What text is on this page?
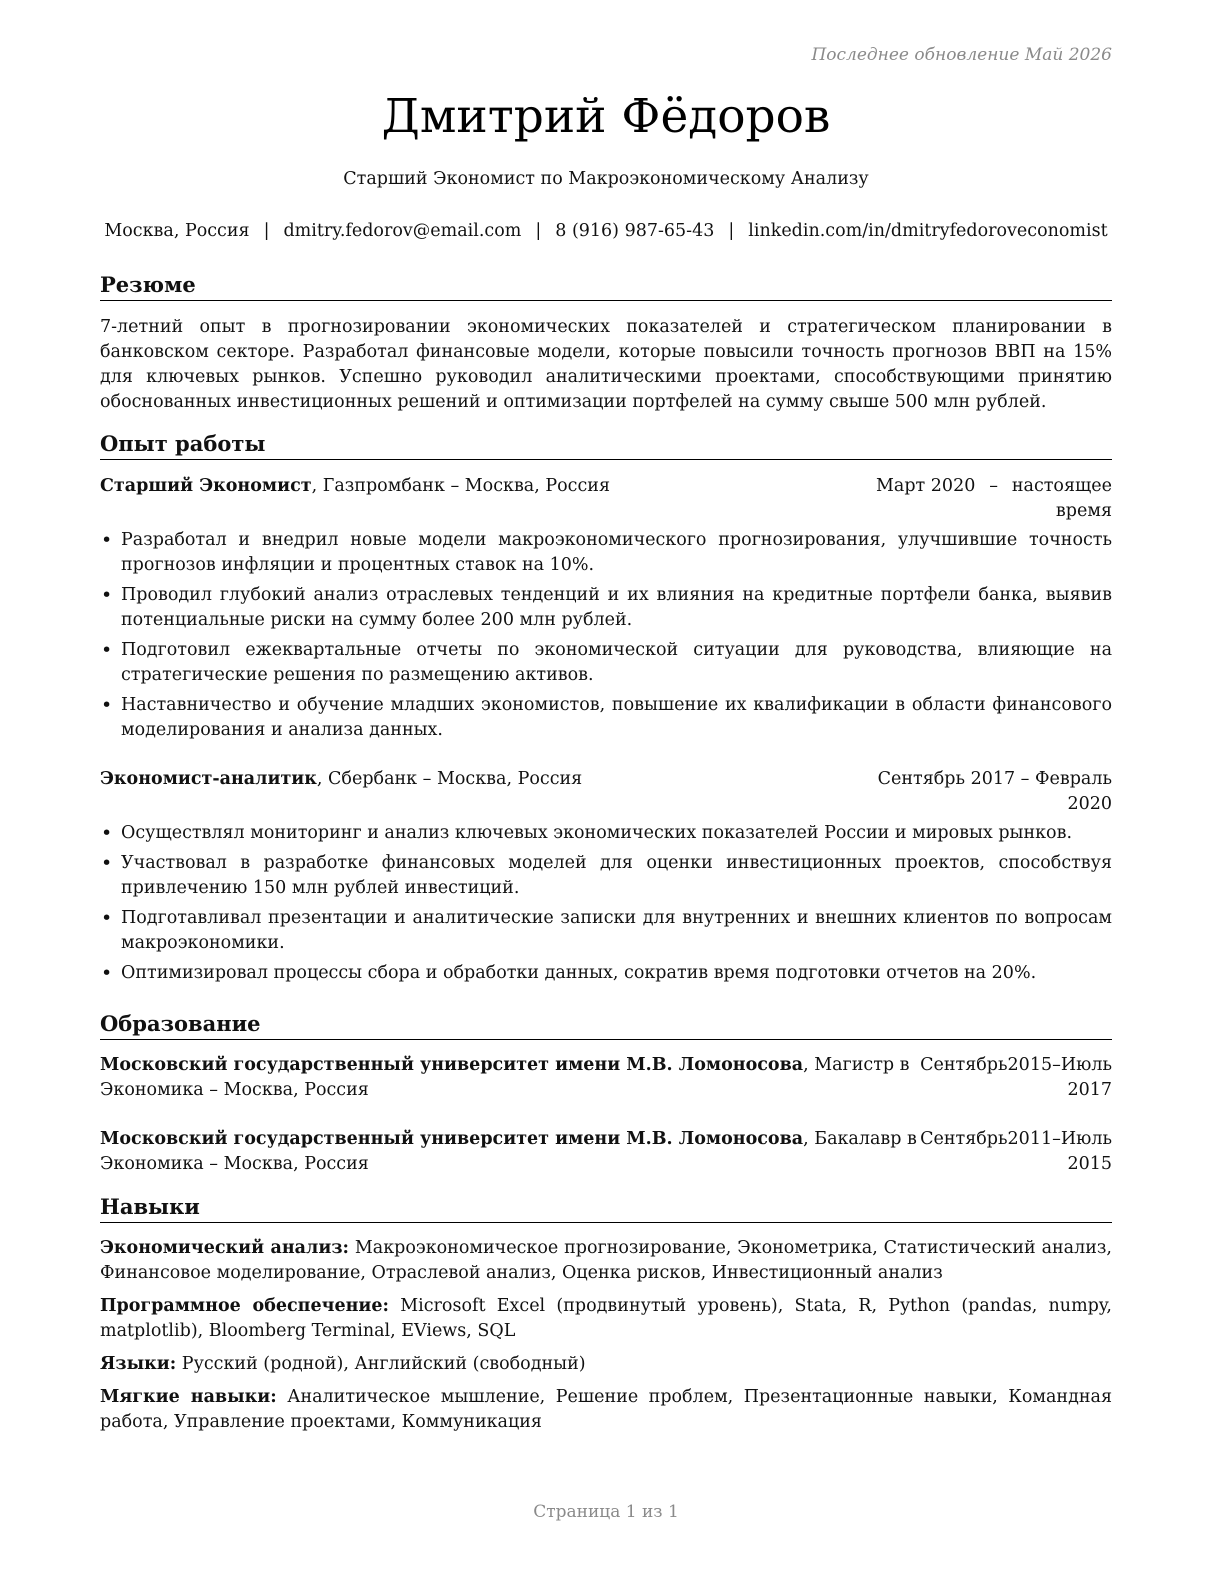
Последнее обновление Май 2026
Дмитрий Фёдоров
Старший Экономист по Макроэкономическому Анализу
Москва, Россия | dmitry.fedorov@email.com | 8 (916) 987-65-43 | linkedin.com/in/dmitryfedoroveconomist
Резюме
7-летний опыт в прогнозировании экономических показателей и стратегическом планировании в банковском секторе. Разработал финансовые модели, которые повысили точность прогнозов ВВП на 15% для ключевых рынков. Успешно руководил аналитическими проектами, способствующими принятию обоснованных инвестиционных решений и оптимизации портфелей на сумму свыше 500 млн рублей.
Опыт работы
Старший Экономист, Газпромбанк – Москва, Россия	Март 2020 – настоящее
время
• Разработал и внедрил новые модели макроэкономического прогнозирования, улучшившие точность прогнозов инфляции и процентных ставок на 10%.
• Проводил глубокий анализ отраслевых тенденций и их влияния на кредитные портфели банка, выявив потенциальные риски на сумму более 200 млн рублей.
• Подготовил ежеквартальные отчеты по экономической ситуации для руководства, влияющие на стратегические решения по размещению активов.
• Наставничество и обучение младших экономистов, повышение их квалификации в области финансового моделирования и анализа данных.
Экономист-аналитик, Сбербанк – Москва, Россия	Сентябрь 2017 – Февраль
2020
• Осуществлял мониторинг и анализ ключевых экономических показателей России и мировых рынков.
• Участвовал в разработке финансовых моделей для оценки инвестиционных проектов, способствуя привлечению 150 млн рублей инвестиций.
• Подготавливал презентации и аналитические записки для внутренних и внешних клиентов по вопросам макроэкономики.
• Оптимизировал процессы сбора и обработки данных, сократив время подготовки отчетов на 20%.
Образование
Московский государственный университет имени М.В. Ломоносова, Магистр в Экономика – Москва, Россия
Сентябрь 2015 – Июль
2017
Московский государственный университет имени М.В. Ломоносова, Бакалавр в Экономика – Москва, Россия
Сентябрь 2011 – Июль
2015
Навыки
Экономический анализ: Макроэкономическое прогнозирование, Эконометрика, Статистический анализ, Финансовое моделирование, Отраслевой анализ, Оценка рисков, Инвестиционный анализ
Программное обеспечение: Microsoft Excel (продвинутый уровень), Stata, R, Python (pandas, numpy, matplotlib), Bloomberg Terminal, EViews, SQL
Языки: Русский (родной), Английский (свободный)
Мягкие навыки: Аналитическое мышление, Решение проблем, Презентационные навыки, Командная работа, Управление проектами, Коммуникация
Страница 1 из 1
